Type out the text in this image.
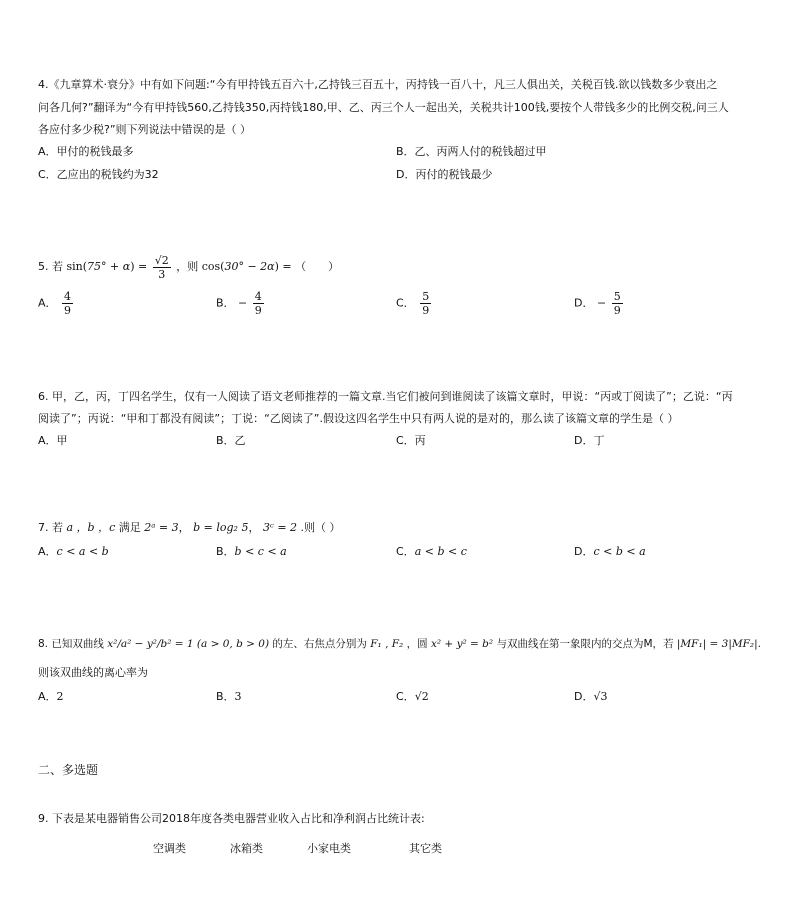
4.《九章算术·衰分》中有如下问题:“今有甲持钱五百六十,乙持钱三百五十，丙持钱一百八十，凡三人俱出关，关税百钱.欲以钱数多少衰出之
问各几何?”翻译为“今有甲持钱560,乙持钱350,丙持钱180,甲、乙、丙三个人一起出关，关税共计100钱,要按个人带钱多少的比例交税,问三人
各应付多少税?”则下列说法中错误的是（ ）
A．甲付的税钱最多	B．乙、丙两人付的税钱超过甲
C．乙应出的税钱约为32	D．丙付的税钱最少
5. 若 $\sin(75^\circ + \alpha) = \frac{√2}{3}$ ，则 cos(30° − 2α) = （　　）
A． $\frac{4}{9}$	B． − $\frac{4}{9}$	C． $\frac{5}{9}$	D． − $\frac{5}{9}$
6. 甲，乙，丙，丁四名学生，仅有一人阅读了语文老师推荐的一篇文章.当它们被问到谁阅读了该篇文章时，甲说：“丙或丁阅读了”；乙说：“丙
阅读了”；丙说：“甲和丁都没有阅读”；丁说：“乙阅读了”.假设这四名学生中只有两人说的是对的，那么读了该篇文章的学生是（ ）
A．甲	B．乙	C．丙	D．丁
7. 若 a ，b ，c 满足 2ᵃ = 3， b = log₂ 5， 3ᶜ = 2 .则（ ）
A．c < a < b	B．b < c < a	C．a < b < c	D．c < b < a
8. 已知双曲线 x²/a² − y²/b² = 1 (a > 0, b > 0) 的左、右焦点分别为 F₁ , F₂ ，圆 x² + y² = b² 与双曲线在第一象限内的交点为M，若 |MF₁| = 3|MF₂|.
则该双曲线的离心率为
A．2	B．3	C．√2	D．√3
二、多选题
9. 下表是某电器销售公司2018年度各类电器营业收入占比和净利润占比统计表:
空调类	冰箱类	小家电类	其它类
